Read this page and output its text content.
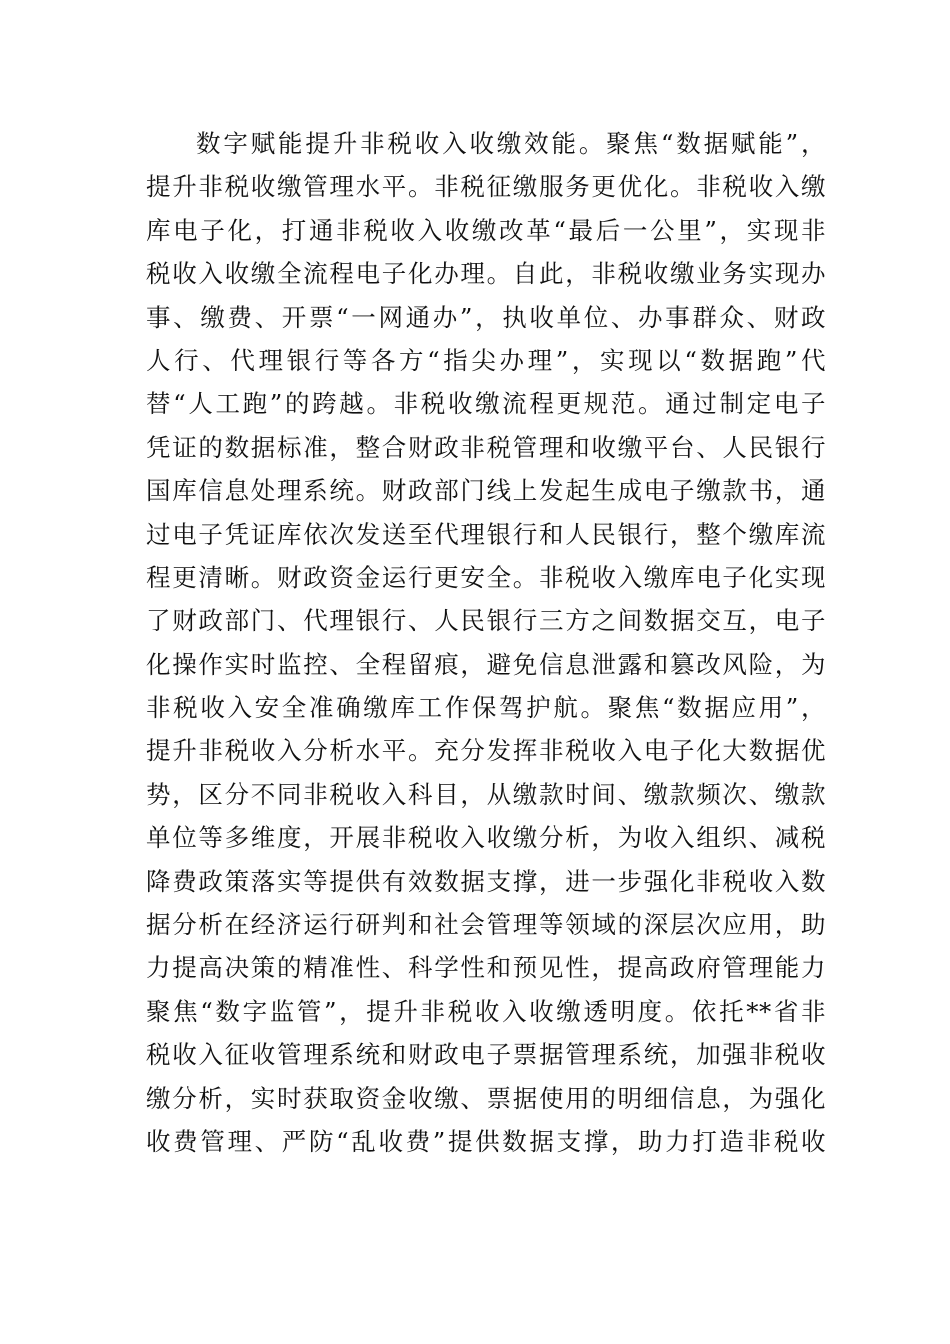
数字赋能提升非税收入收缴效能。聚焦“数据赋能”，
提升非税收缴管理水平。非税征缴服务更优化。非税收入缴
库电子化，打通非税收入收缴改革“最后一公里”，实现非
税收入收缴全流程电子化办理。自此，非税收缴业务实现办
事、缴费、开票“一网通办”，执收单位、办事群众、财政
人行、代理银行等各方“指尖办理”，实现以“数据跑”代
替“人工跑”的跨越。非税收缴流程更规范。通过制定电子
凭证的数据标准，整合财政非税管理和收缴平台、人民银行
国库信息处理系统。财政部门线上发起生成电子缴款书，通
过电子凭证库依次发送至代理银行和人民银行，整个缴库流
程更清晰。财政资金运行更安全。非税收入缴库电子化实现
了财政部门、代理银行、人民银行三方之间数据交互，电子
化操作实时监控、全程留痕，避免信息泄露和篡改风险，为
非税收入安全准确缴库工作保驾护航。聚焦“数据应用”，
提升非税收入分析水平。充分发挥非税收入电子化大数据优
势，区分不同非税收入科目，从缴款时间、缴款频次、缴款
单位等多维度，开展非税收入收缴分析，为收入组织、减税
降费政策落实等提供有效数据支撑，进一步强化非税收入数
据分析在经济运行研判和社会管理等领域的深层次应用，助
力提高决策的精准性、科学性和预见性，提高政府管理能力
聚焦“数字监管”，提升非税收入收缴透明度。依托**省非
税收入征收管理系统和财政电子票据管理系统，加强非税收
缴分析，实时获取资金收缴、票据使用的明细信息，为强化
收费管理、严防“乱收费”提供数据支撑，助力打造非税收
